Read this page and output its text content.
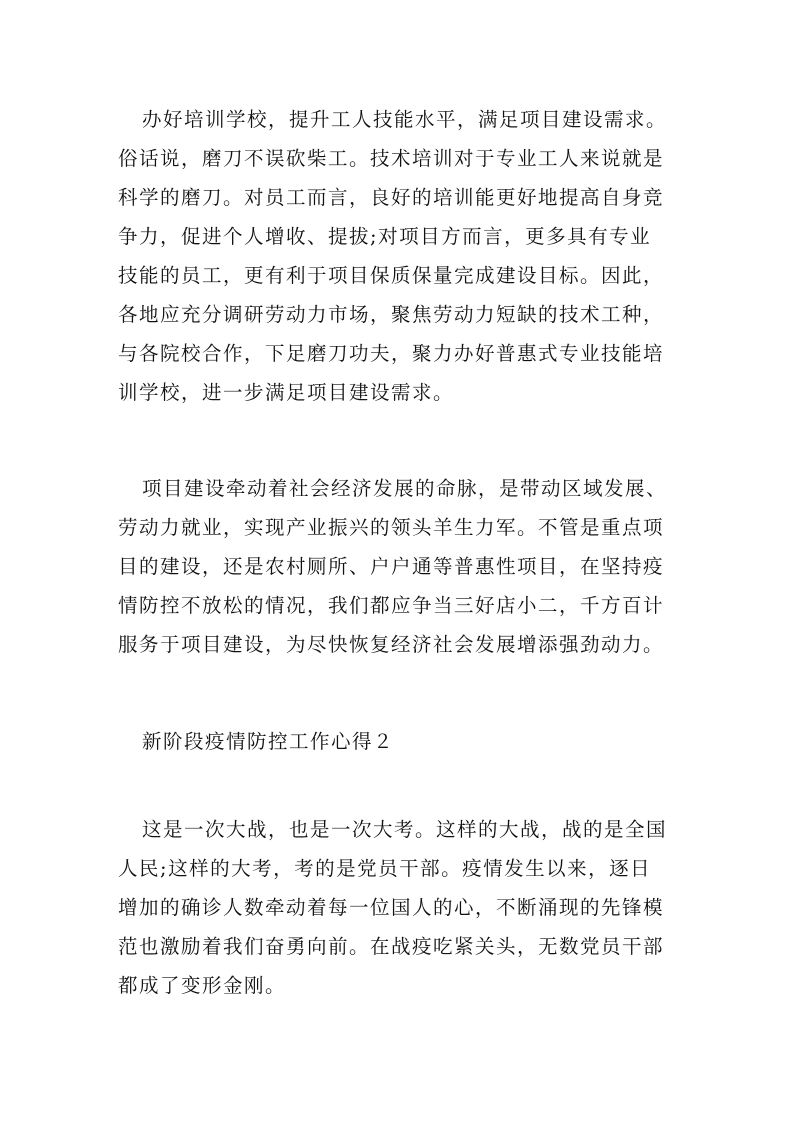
办好培训学校，提升工人技能水平，满足项目建设需求。
俗话说，磨刀不误砍柴工。技术培训对于专业工人来说就是
科学的磨刀。对员工而言，良好的培训能更好地提高自身竞
争力，促进个人增收、提拔;对项目方而言，更多具有专业
技能的员工，更有利于项目保质保量完成建设目标。因此，
各地应充分调研劳动力市场，聚焦劳动力短缺的技术工种，
与各院校合作，下足磨刀功夫，聚力办好普惠式专业技能培
训学校，进一步满足项目建设需求。
项目建设牵动着社会经济发展的命脉，是带动区域发展、
劳动力就业，实现产业振兴的领头羊生力军。不管是重点项
目的建设，还是农村厕所、户户通等普惠性项目，在坚持疫
情防控不放松的情况，我们都应争当三好店小二，千方百计
服务于项目建设，为尽快恢复经济社会发展增添强劲动力。
新阶段疫情防控工作心得２
这是一次大战，也是一次大考。这样的大战，战的是全国
人民;这样的大考，考的是党员干部。疫情发生以来，逐日
增加的确诊人数牵动着每一位国人的心，不断涌现的先锋模
范也激励着我们奋勇向前。在战疫吃紧关头，无数党员干部
都成了变形金刚。
